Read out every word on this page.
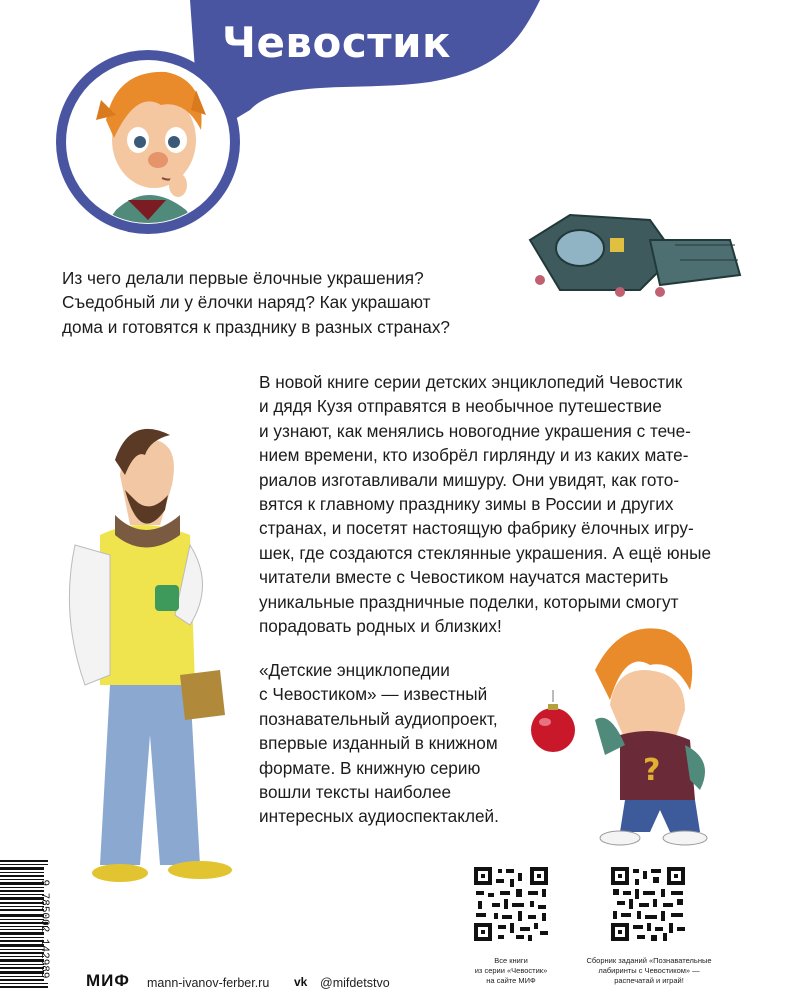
Чевостик
Из чего делали первые ёлочные украшения?
Съедобный ли у ёлочки наряд? Как украшают
дома и готовятся к празднику в разных странах?
В новой книге серии детских энциклопедий Чевостик
и дядя Кузя отправятся в необычное путешествие
и узнают, как менялись новогодние украшения с тече-
нием времени, кто изобрёл гирлянду и из каких мате-
риалов изготавливали мишуру. Они увидят, как гото-
вятся к главному празднику зимы в России и других
странах, и посетят настоящую фабрику ёлочных игру-
шек, где создаются стеклянные украшения. А ещё юные
читатели вместе с Чевостиком научатся мастерить
уникальные праздничные поделки, которыми смогут
порадовать родных и близких!
«Детские энциклопедии
с Чевостиком» — известный
познавательный аудиопроект,
впервые изданный в книжном
формате. В книжную серию
вошли тексты наиболее
интересных аудиоспектаклей.
?
Все книги
из серии «Чевостик»
на сайте МИФ
Сборник заданий «Познавательные
лабиринты с Чевостиком» —
распечатай и играй!
9 785002 142989
МИФ mann-ivanov-ferber.ru vk @mifdetstvo
